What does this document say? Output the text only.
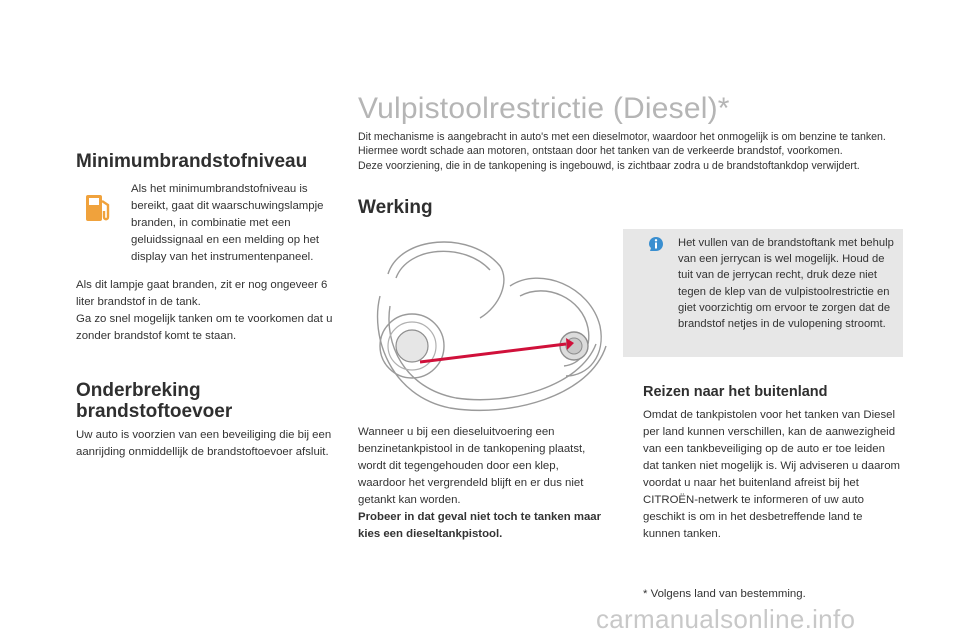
Vulpistoolrestrictie (Diesel)*

Dit mechanisme is aangebracht in auto's met een dieselmotor, waardoor het onmogelijk is om benzine te tanken. Hiermee wordt schade aan motoren, ontstaan door het tanken van de verkeerde brandstof, voorkomen.

Deze voorziening, die in de tankopening is ingebouwd, is zichtbaar zodra u de brandstoftankdop verwijdert.

Werking

Wanneer u bij een dieseluitvoering een benzinetankpistool in de tankopening plaatst, wordt dit tegengehouden door een klep, waardoor het vergrendeld blijft en er dus niet getankt kan worden.

Probeer in dat geval niet toch te tanken maar kies een dieseltankpistool.

Minimumbrandstofniveau
Als het minimumbrandstofniveau is bereikt, gaat dit waarschuwingslampje branden, in combinatie met een geluidssignaal en een melding op het display van het instrumentenpaneel.

Als dit lampje gaat branden, zit er nog ongeveer 6 liter brandstof in de tank.

Ga zo snel mogelijk tanken om te voorkomen dat u zonder brandstof komt te staan.

Onderbreking brandstoftoevoer
Uw auto is voorzien van een beveiliging die bij een aanrijding onmiddellijk de brandstoftoevoer afsluit.
Het vullen van de brandstoftank met behulp van een jerrycan is wel mogelijk. Houd de tuit van de jerrycan recht, druk deze niet tegen de klep van de vulpistoolrestrictie en giet voorzichtig om ervoor te zorgen dat de brandstof netjes in de vulopening stroomt.
Reizen naar het buitenland
Omdat de tankpistolen voor het tanken van Diesel per land kunnen verschillen, kan de aanwezigheid van een tankbeveiliging op de auto er toe leiden dat tanken niet mogelijk is. Wij adviseren u daarom voordat u naar het buitenland afreist bij het CITROËN-netwerk te informeren of uw auto geschikt is om in het desbetreffende land te kunnen tanken.
* Volgens land van bestemming.
carmanualsonline.info
